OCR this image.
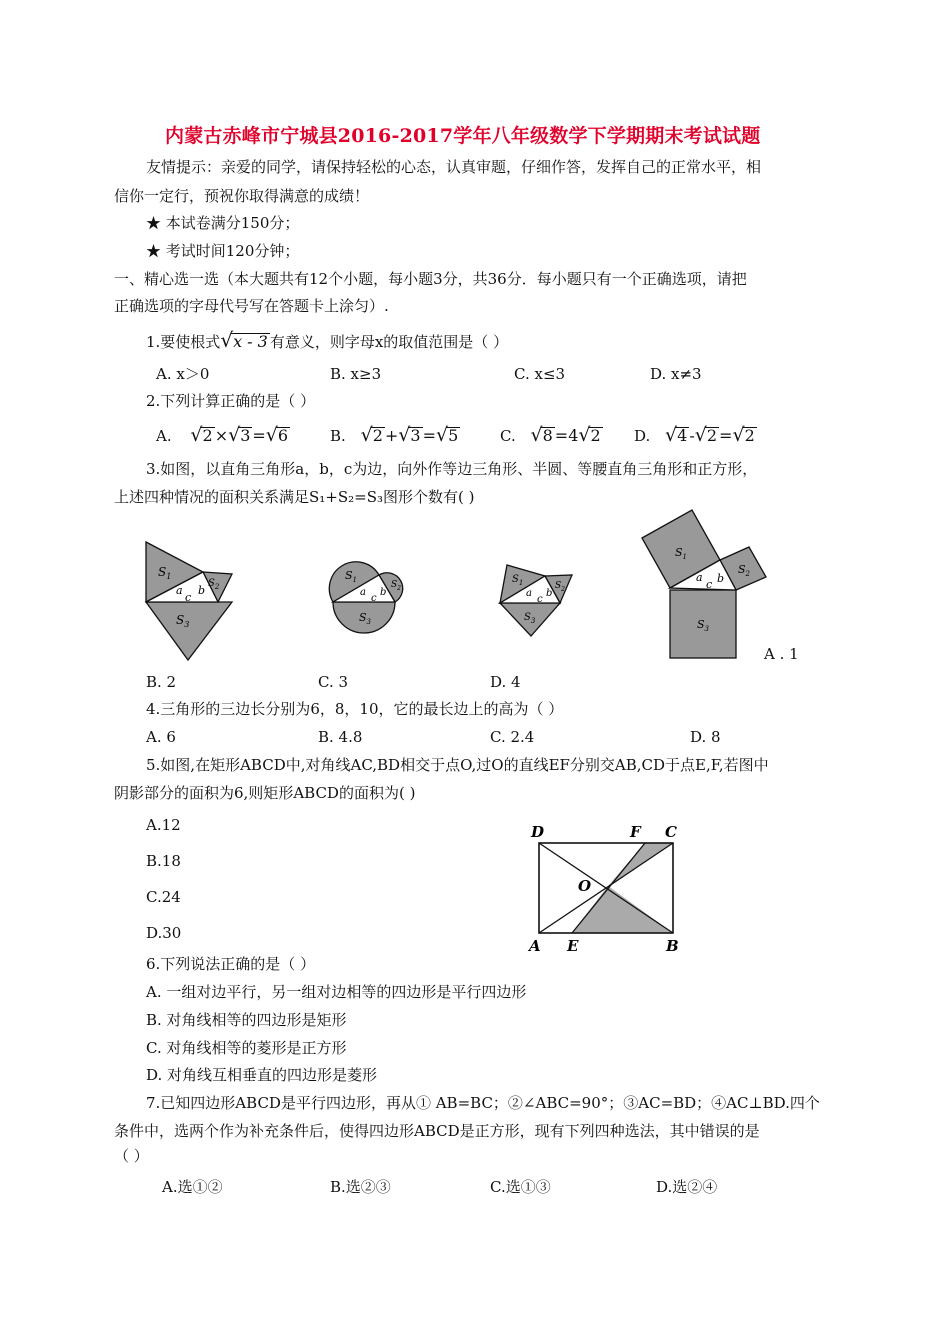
内蒙古赤峰市宁城县2016-2017学年八年级数学下学期期末考试试题
友情提示：亲爱的同学，请保持轻松的心态，认真审题，仔细作答，发挥自己的正常水平，相
信你一定行，预祝你取得满意的成绩！
★ 本试卷满分150分；
★ 考试时间120分钟；
一、精心选一选（本大题共有12个小题，每小题3分，共36分．每小题只有一个正确选项，请把
正确选项的字母代号写在答题卡上涂匀）.
1.要使根式√x - 3 有意义，则字母x的取值范围是（ ）
A. x＞0	B. x≥3	C. x≤3	D. x≠3
2.下列计算正确的是（ ）
A. √2 ×√3 =√6	B. √2 +√3 =√5	C. √8 =4√2 D. √4 -√2 =√2
3.如图，以直角三角形a，b，c为边，向外作等边三角形、半圆、等腰直角三角形和正方形，
上述四种情况的面积关系满足S₁+S₂=S₃图形个数有( )
$S_1$
$S_2$
$S_3$
a b
c
$S_1$	$S_2$
$S_3$
a b
c
$S_1$	$S_2$
$S_3$
a b
c
$S_1$
$S_2$
$S_3$
a b
c
A . 1
B. 2	C. 3	D. 4
4.三角形的三边长分别为6，8，10，它的最长边上的高为（ ）
A. 6	B. 4.8	C. 2.4	D. 8
5.如图,在矩形ABCD中,对角线AC,BD相交于点O,过O的直线EF分别交AB,CD于点E,F,若图中
阴影部分的面积为6,则矩形ABCD的面积为( )
A.12
B.18
C.24
D.30
D	F C
O
A E	B
6.下列说法正确的是（ ）
A. 一组对边平行，另一组对边相等的四边形是平行四边形
B. 对角线相等的四边形是矩形
C. 对角线相等的菱形是正方形
D. 对角线互相垂直的四边形是菱形
7.已知四边形ABCD是平行四边形，再从① AB=BC；②∠ABC=90°；③AC=BD；④AC⊥BD.四个
条件中，选两个作为补充条件后，使得四边形ABCD是正方形，现有下列四种选法，其中错误的是
（ ）
A.选①②	B.选②③	C.选①③	D.选②④
